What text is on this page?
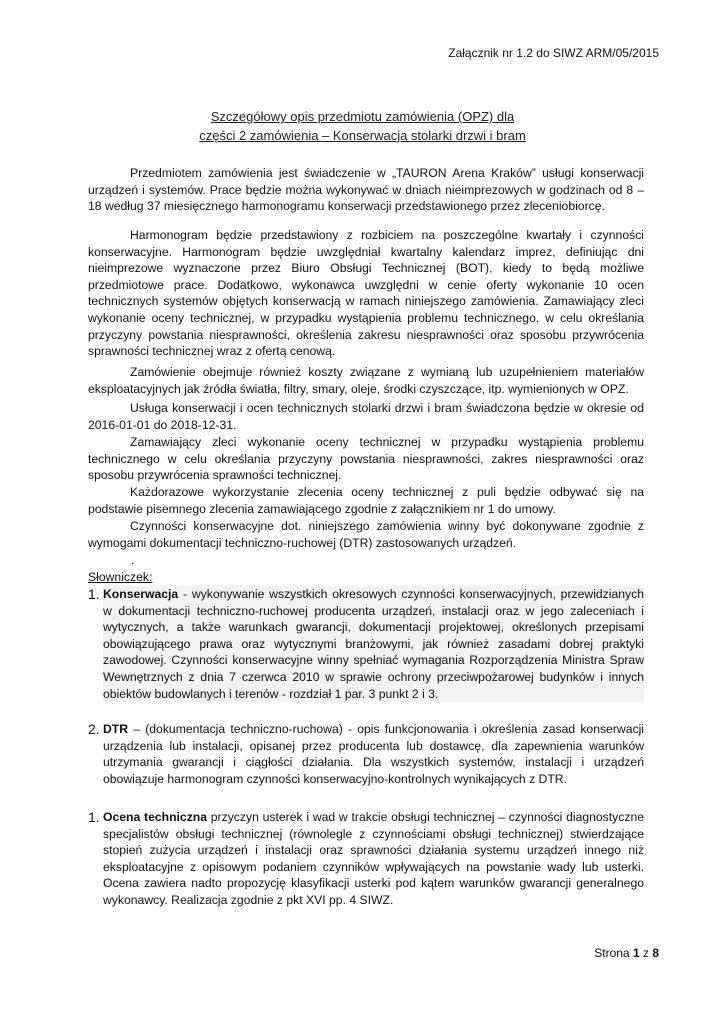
Załącznik nr 1.2 do SIWZ ARM/05/2015
Szczegółowy opis przedmiotu zamówienia (OPZ) dla
części 2 zamówienia – Konserwacja stolarki drzwi i bram

Przedmiotem zamówienia jest świadczenie w „TAURON Arena Kraków” usługi konserwacji urządzeń i systemów. Prace będzie można wykonywać w dniach nieimprezowych w godzinach od 8 – 18 według 37 miesięcznego harmonogramu konserwacji przedstawionego przez zleceniobiorcę.

Harmonogram będzie przedstawiony z rozbiciem na poszczególne kwartały i czynności konserwacyjne. Harmonogram będzie uwzględniał kwartalny kalendarz imprez, definiując dni nieimprezowe wyznaczone przez Biuro Obsługi Technicznej (BOT), kiedy to będą możliwe przedmiotowe prace. Dodatkowo, wykonawca uwzględni w cenie oferty wykonanie 10 ocen technicznych systemów objętych konserwacją w ramach niniejszego zamówienia. Zamawiający zleci wykonanie oceny technicznej, w przypadku wystąpienia problemu technicznego, w celu określania przyczyny powstania niesprawności, określenia zakresu niesprawności oraz sposobu przywrócenia sprawności technicznej wraz z ofertą cenową.

Zamówienie obejmuje również koszty związane z wymianą lub uzupełnieniem materiałów eksploatacyjnych jak źródła światła, filtry, smary, oleje, środki czyszczące, itp. wymienionych w OPZ.

Usługa konserwacji i ocen technicznych stolarki drzwi i bram świadczona będzie w okresie od 2016-01-01 do 2018-12-31.

Zamawiający zleci wykonanie oceny technicznej w przypadku wystąpienia problemu technicznego w celu określania przyczyny powstania niesprawności, zakres niesprawności oraz sposobu przywrócenia sprawności technicznej.

Każdorazowe wykorzystanie zlecenia oceny technicznej z puli będzie odbywać się na podstawie pisemnego zlecenia zamawiającego zgodnie z załącznikiem nr 1 do umowy.

Czynności konserwacyjne dot. niniejszego zamówienia winny być dokonywane zgodnie z wymogami dokumentacji techniczno-ruchowej (DTR) zastosowanych urządzeń.

.
Słowniczek:
1. Konserwacja - wykonywanie wszystkich okresowych czynności konserwacyjnych, przewidzianych w dokumentacji techniczno-ruchowej producenta urządzeń, instalacji oraz w jego zaleceniach i wytycznych, a także warunkach gwarancji, dokumentacji projektowej, określonych przepisami obowiązującego prawa oraz wytycznymi branżowymi, jak również zasadami dobrej praktyki zawodowej. Czynności konserwacyjne winny spełniać wymagania Rozporządzenia Ministra Spraw Wewnętrznych z dnia 7 czerwca 2010 w sprawie ochrony przeciwpożarowej budynków i innych obiektów budowlanych i terenów - rozdział 1 par. 3 punkt 2 i 3.
2. DTR – (dokumentacja techniczno-ruchowa) - opis funkcjonowania i określenia zasad konserwacji urządzenia lub instalacji, opisanej przez producenta lub dostawcę, dla zapewnienia warunków utrzymania gwarancji i ciągłości działania. Dla wszystkich systemów, instalacji i urządzeń obowiązuje harmonogram czynności konserwacyjno-kontrolnych wynikających z DTR.
1. Ocena techniczna przyczyn usterek i wad w trakcie obsługi technicznej – czynności diagnostyczne specjalistów obsługi technicznej (równolegle z czynnościami obsługi technicznej) stwierdzające stopień zużycia urządzeń i instalacji oraz sprawności działania systemu urządzeń innego niż eksploatacyjne z opisowym podaniem czynników wpływających na powstanie wady lub usterki. Ocena zawiera nadto propozycję klasyfikacji usterki pod kątem warunków gwarancji generalnego wykonawcy. Realizacja zgodnie z pkt XVI pp. 4 SIWZ.
Strona 1 z 8
